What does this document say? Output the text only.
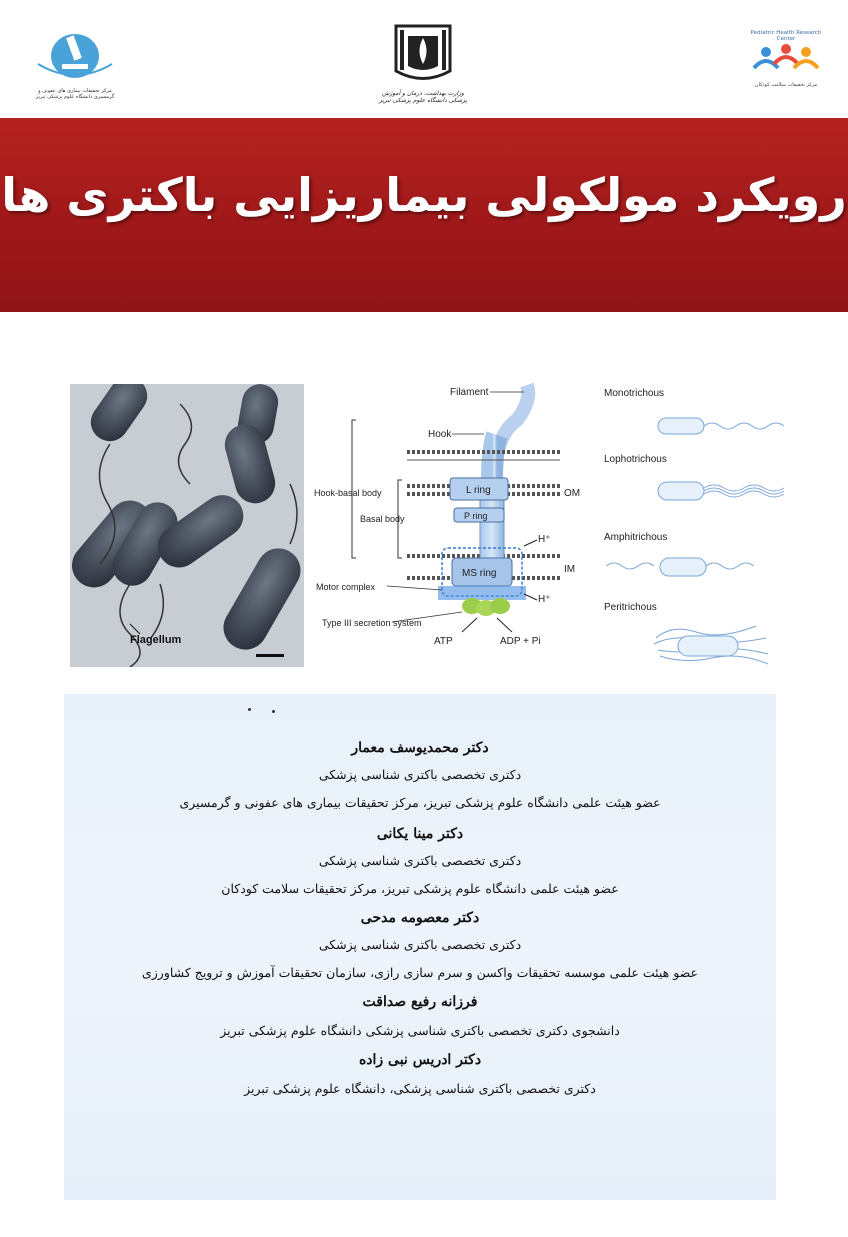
مرکز تحقیقات بیماری های عفونی و گرمسیری دانشگاه علوم پزشکی تبریز	وزارت بهداشت، درمان و آموزش پزشکی دانشگاه علوم پزشکی تبریز
Pediatric Health Research Center
مرکز تحقیقات سلامت کودکان
رویکرد مولکولی بیماریزایی باکتری ها
Flagellum
Filament
Hook
Hook-basal body
Basal body
L ring
P ring
MS ring
OM
IM
H⁺
H⁺
Motor complex
Type III secretion system
ATP	ADP + Pi
Monotrichous
Lophotrichous
Amphitrichous
Peritrichous
دکتر محمدیوسف معمار
دکتری تخصصی باکتری شناسی پزشکی
عضو هیئت علمی دانشگاه علوم پزشکی تبریز، مرکز تحقیقات بیماری های عفونی و گرمسیری
دکتر مینا یکانی
دکتری تخصصی باکتری شناسی پزشکی
عضو هیئت علمی دانشگاه علوم پزشکی تبریز، مرکز تحقیقات سلامت کودکان
دکتر معصومه مدحی
دکتری تخصصی باکتری شناسی پزشکی
عضو هیئت علمی موسسه تحقیقات واکسن و سرم سازی رازی، سازمان تحقیقات آموزش و ترویج کشاورزی
فرزانه رفیع صداقت
دانشجوی دکتری تخصصی باکتری شناسی پزشکی دانشگاه علوم پزشکی تبریز
دکتر ادریس نبی زاده
دکتری تخصصی باکتری شناسی پزشکی، دانشگاه علوم پزشکی تبریز
